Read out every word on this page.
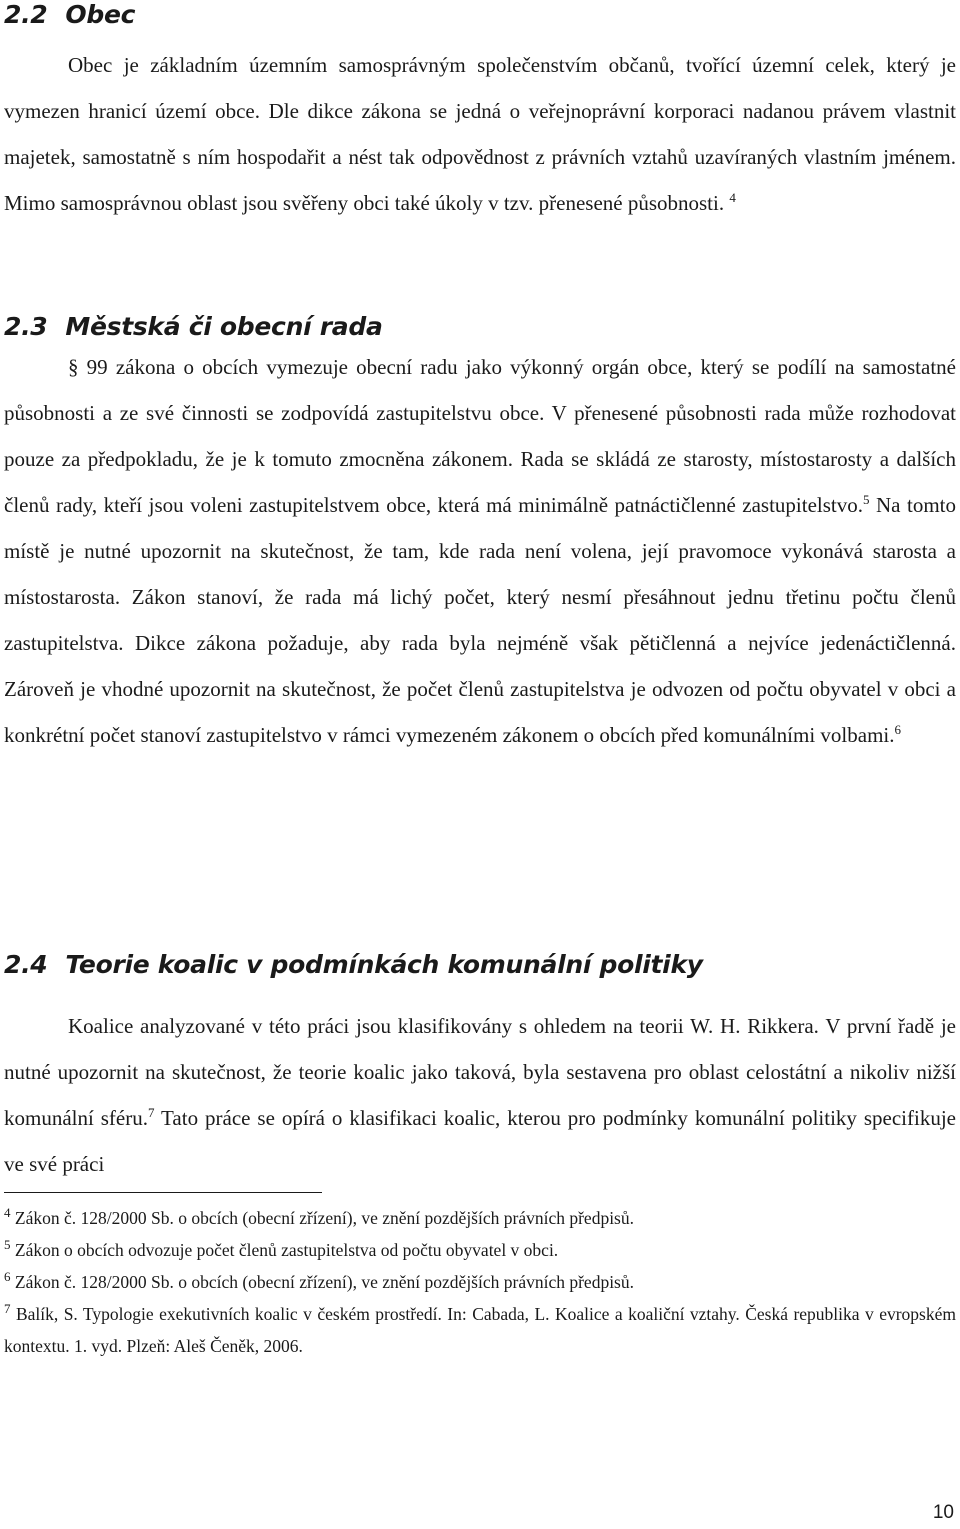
2.2 Obec

Obec je základním územním samosprávným společenstvím občanů, tvořící územní celek, který je vymezen hranicí území obce. Dle dikce zákona se jedná o veřejnoprávní korporaci nadanou právem vlastnit majetek, samostatně s ním hospodařit a nést tak odpovědnost z právních vztahů uzavíraných vlastním jménem. Mimo samosprávnou oblast jsou svěřeny obci také úkoly v tzv. přenesené působnosti. $^4$

2.3 Městská či obecní rada

§ 99 zákona o obcích vymezuje obecní radu jako výkonný orgán obce, který se podílí na samostatné působnosti a ze své činnosti se zodpovídá zastupitelstvu obce. V přenesené působnosti rada může rozhodovat pouze za předpokladu, že je k tomuto zmocněna zákonem. Rada se skládá ze starosty, místostarosty a dalších členů rady, kteří jsou voleni zastupitelstvem obce, která má minimálně patnáctičlenné zastupitelstvo.$^5$ Na tomto místě je nutné upozornit na skutečnost, že tam, kde rada není volena, její pravomoce vykonává starosta a místostarosta. Zákon stanoví, že rada má lichý počet, který nesmí přesáhnout jednu třetinu počtu členů zastupitelstva. Dikce zákona požaduje, aby rada byla nejméně však pětičlenná a nejvíce jedenáctičlenná. Zároveň je vhodné upozornit na skutečnost, že počet členů zastupitelstva je odvozen od počtu obyvatel v obci a konkrétní počet stanoví zastupitelstvo v rámci vymezeném zákonem o obcích před komunálními volbami.$^6$

2.4 Teorie koalic v podmínkách komunální politiky

Koalice analyzované v této práci jsou klasifikovány s ohledem na teorii W. H. Rikkera. V první řadě je nutné upozornit na skutečnost, že teorie koalic jako taková, byla sestavena pro oblast celostátní a nikoliv nižší komunální sféru.$^7$ Tato práce se opírá o klasifikaci koalic, kterou pro podmínky komunální politiky specifikuje ve své práci

$^4$ Zákon č. 128/2000 Sb. o obcích (obecní zřízení), ve znění pozdějších právních předpisů.

$^5$ Zákon o obcích odvozuje počet členů zastupitelstva od počtu obyvatel v obci.

$^6$ Zákon č. 128/2000 Sb. o obcích (obecní zřízení), ve znění pozdějších právních předpisů.

$^7$ Balík, S. Typologie exekutivních koalic v českém prostředí. In: Cabada, L. Koalice a koaliční vztahy. Česká republika v evropském kontextu. 1. vyd. Plzeň: Aleš Čeněk, 2006.

10
